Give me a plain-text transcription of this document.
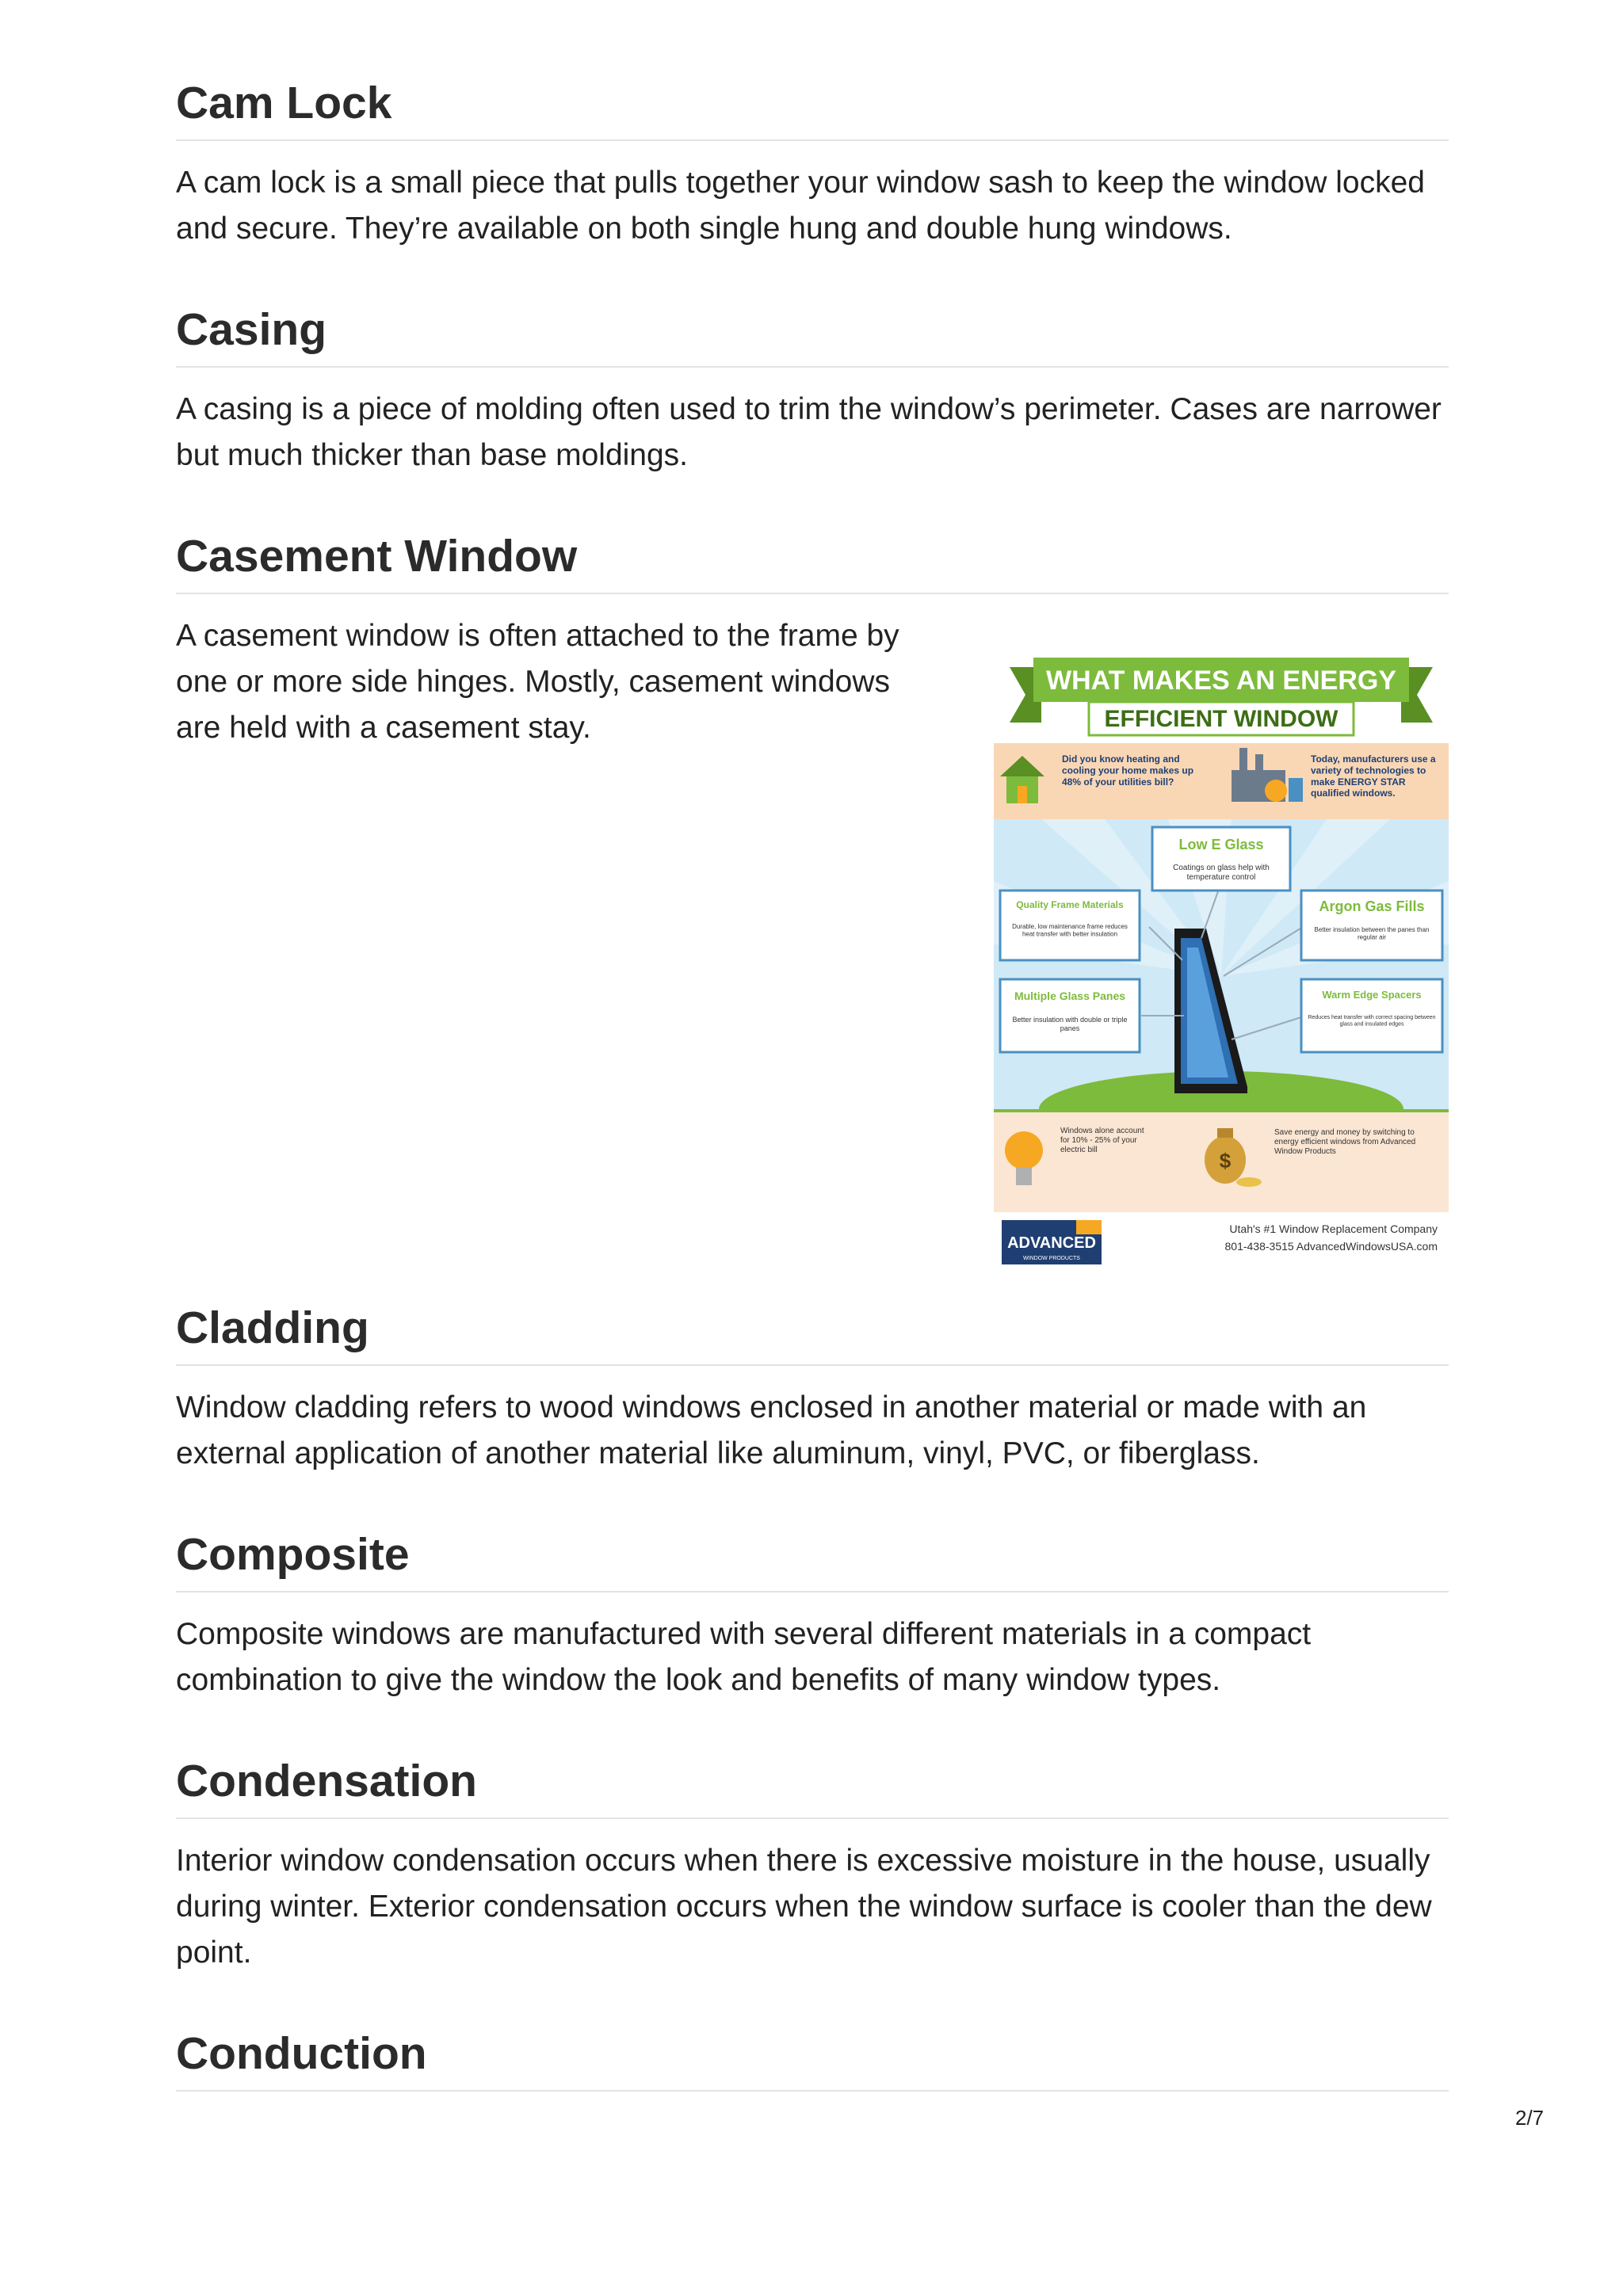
Cam Lock

A cam lock is a small piece that pulls together your window sash to keep the window locked and secure. They’re available on both single hung and double hung windows.

Casing

A casing is a piece of molding often used to trim the window’s perimeter. Cases are narrower but much thicker than base moldings.

Casement Window

A casement window is often attached to the frame by one or more side hinges. Mostly, casement windows are held with a casement stay.

Cladding

Window cladding refers to wood windows enclosed in another material or made with an external application of another material like aluminum, vinyl, PVC, or fiberglass.

Composite

Composite windows are manufactured with several different materials in a compact combination to give the window the look and benefits of many window types.

Condensation

Interior window condensation occurs when there is excessive moisture in the house, usually during winter. Exterior condensation occurs when the window surface is cooler than the dew point.

Conduction
WHAT MAKES AN ENERGY
EFFICIENT WINDOW
Did you know heating and cooling your home makes up 48% of your utilities bill?
Today, manufacturers use a variety of technologies to make ENERGY STAR qualified windows.
Low E Glass
Coatings on glass help with temperature control
Quality Frame Materials
Durable, low maintenance frame reduces heat transfer with better insulation
Argon Gas Fills
Better insulation between the panes than regular air
Multiple Glass Panes
Better insulation with double or triple panes
Warm Edge Spacers
Reduces heat transfer with correct spacing between glass and insulated edges
Windows alone account for 10% - 25% of your electric bill	$
Save energy and money by switching to energy efficient windows from Advanced Window Products
ADVANCED
WINDOW PRODUCTS
Utah's #1 Window Replacement Company
801-438-3515 AdvancedWindowsUSA.com
2/7
